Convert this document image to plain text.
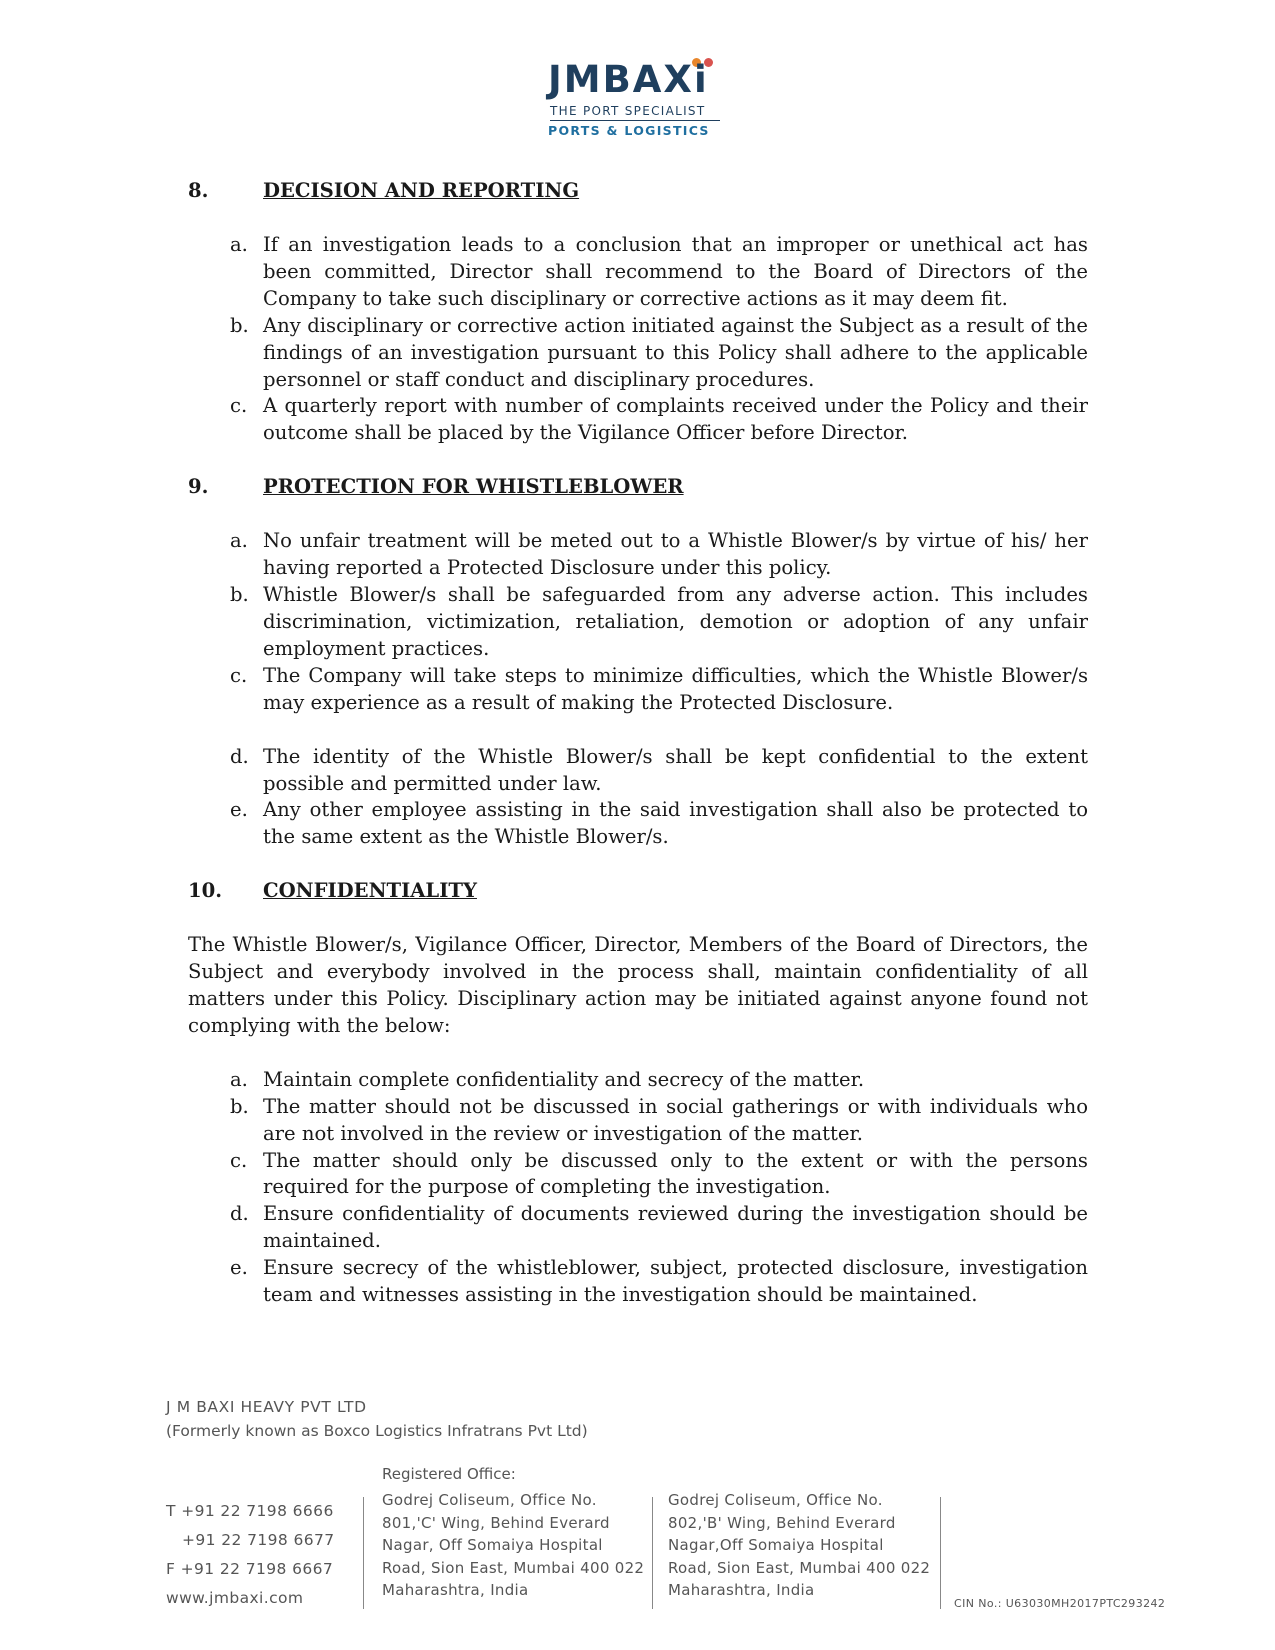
JMBAXi
THE PORT SPECIALIST
PORTS & LOGISTICS
8.	DECISION AND REPORTING
a. If an investigation leads to a conclusion that an improper or unethical act has been committed, Director shall recommend to the Board of Directors of the Company to take such disciplinary or corrective actions as it may deem fit.
b. Any disciplinary or corrective action initiated against the Subject as a result of the findings of an investigation pursuant to this Policy shall adhere to the applicable personnel or staff conduct and disciplinary procedures.
c. A quarterly report with number of complaints received under the Policy and their outcome shall be placed by the Vigilance Officer before Director.
9.	PROTECTION FOR WHISTLEBLOWER
a. No unfair treatment will be meted out to a Whistle Blower/s by virtue of his/ her having reported a Protected Disclosure under this policy.
b. Whistle Blower/s shall be safeguarded from any adverse action. This includes discrimination, victimization, retaliation, demotion or adoption of any unfair employment practices.
c. The Company will take steps to minimize difficulties, which the Whistle Blower/s may experience as a result of making the Protected Disclosure.
d. The identity of the Whistle Blower/s shall be kept confidential to the extent possible and permitted under law.
e. Any other employee assisting in the said investigation shall also be protected to the same extent as the Whistle Blower/s.
10.	CONFIDENTIALITY
The Whistle Blower/s, Vigilance Officer, Director, Members of the Board of Directors, the Subject and everybody involved in the process shall, maintain confidentiality of all matters under this Policy. Disciplinary action may be initiated against anyone found not complying with the below:
a. Maintain complete confidentiality and secrecy of the matter.
b. The matter should not be discussed in social gatherings or with individuals who are not involved in the review or investigation of the matter.
c. The matter should only be discussed only to the extent or with the persons required for the purpose of completing the investigation.
d. Ensure confidentiality of documents reviewed during the investigation should be maintained.
e. Ensure secrecy of the whistleblower, subject, protected disclosure, investigation team and witnesses assisting in the investigation should be maintained.
J M BAXI HEAVY PVT LTD
(Formerly known as Boxco Logistics Infratrans Pvt Ltd)
T +91 22 7198 6666
+91 22 7198 6677
F +91 22 7198 6667
www.jmbaxi.com
Registered Office:
Godrej Coliseum, Office No.
801,'C' Wing, Behind Everard
Nagar, Off Somaiya Hospital
Road, Sion East, Mumbai 400 022
Maharashtra, India
Godrej Coliseum, Office No.
802,'B' Wing, Behind Everard
Nagar,Off Somaiya Hospital
Road, Sion East, Mumbai 400 022
Maharashtra, India
CIN No.: U63030MH2017PTC293242
